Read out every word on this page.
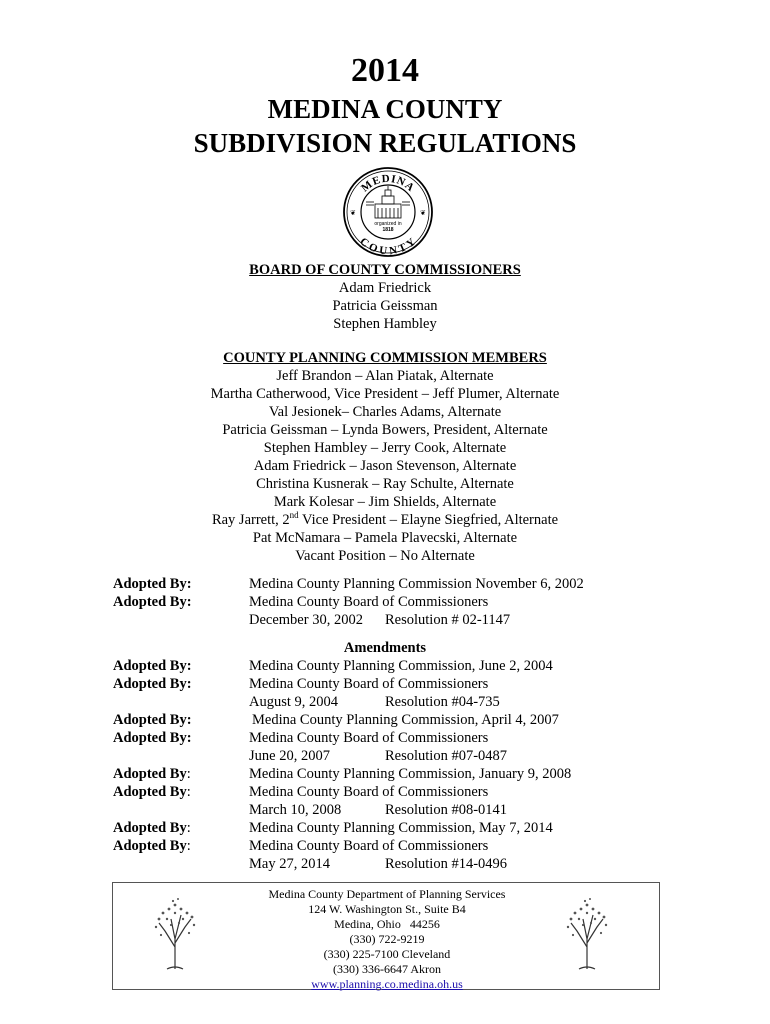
2014
MEDINA COUNTY
SUBDIVISION REGULATIONS
MEDINA
COUNTY
organized in
1818
❦	❦
BOARD OF COUNTY COMMISSIONERS
Adam Friedrick
Patricia Geissman
Stephen Hambley
COUNTY PLANNING COMMISSION MEMBERS
Jeff Brandon – Alan Piatak, Alternate
Martha Catherwood, Vice President – Jeff Plumer, Alternate
Val Jesionek– Charles Adams, Alternate
Patricia Geissman – Lynda Bowers, President, Alternate
Stephen Hambley – Jerry Cook, Alternate
Adam Friedrick – Jason Stevenson, Alternate
Christina Kusnerak – Ray Schulte, Alternate
Mark Kolesar – Jim Shields, Alternate
Ray Jarrett, 2nd Vice President – Elayne Siegfried, Alternate
Pat McNamara – Pamela Plavecski, Alternate
Vacant Position – No Alternate
Adopted By:	Medina County Planning Commission November 6, 2002
Adopted By:	Medina County Board of Commissioners
December 30, 2002 Resolution # 02-1147
Amendments
Adopted By:	Medina County Planning Commission, June 2, 2004
Adopted By:	Medina County Board of Commissioners
August 9, 2004	Resolution #04-735
Adopted By:	Medina County Planning Commission, April 4, 2007
Adopted By:	Medina County Board of Commissioners
June 20, 2007	Resolution #07-0487
Adopted By:	Medina County Planning Commission, January 9, 2008
Adopted By:	Medina County Board of Commissioners
March 10, 2008	Resolution #08-0141
Adopted By:	Medina County Planning Commission, May 7, 2014
Adopted By:	Medina County Board of Commissioners
May 27, 2014	Resolution #14-0496
Medina County Department of Planning Services
124 W. Washington St., Suite B4
Medina, Ohio   44256
(330) 722-9219
(330) 225-7100 Cleveland
(330) 336-6647 Akron
www.planning.co.medina.oh.us
